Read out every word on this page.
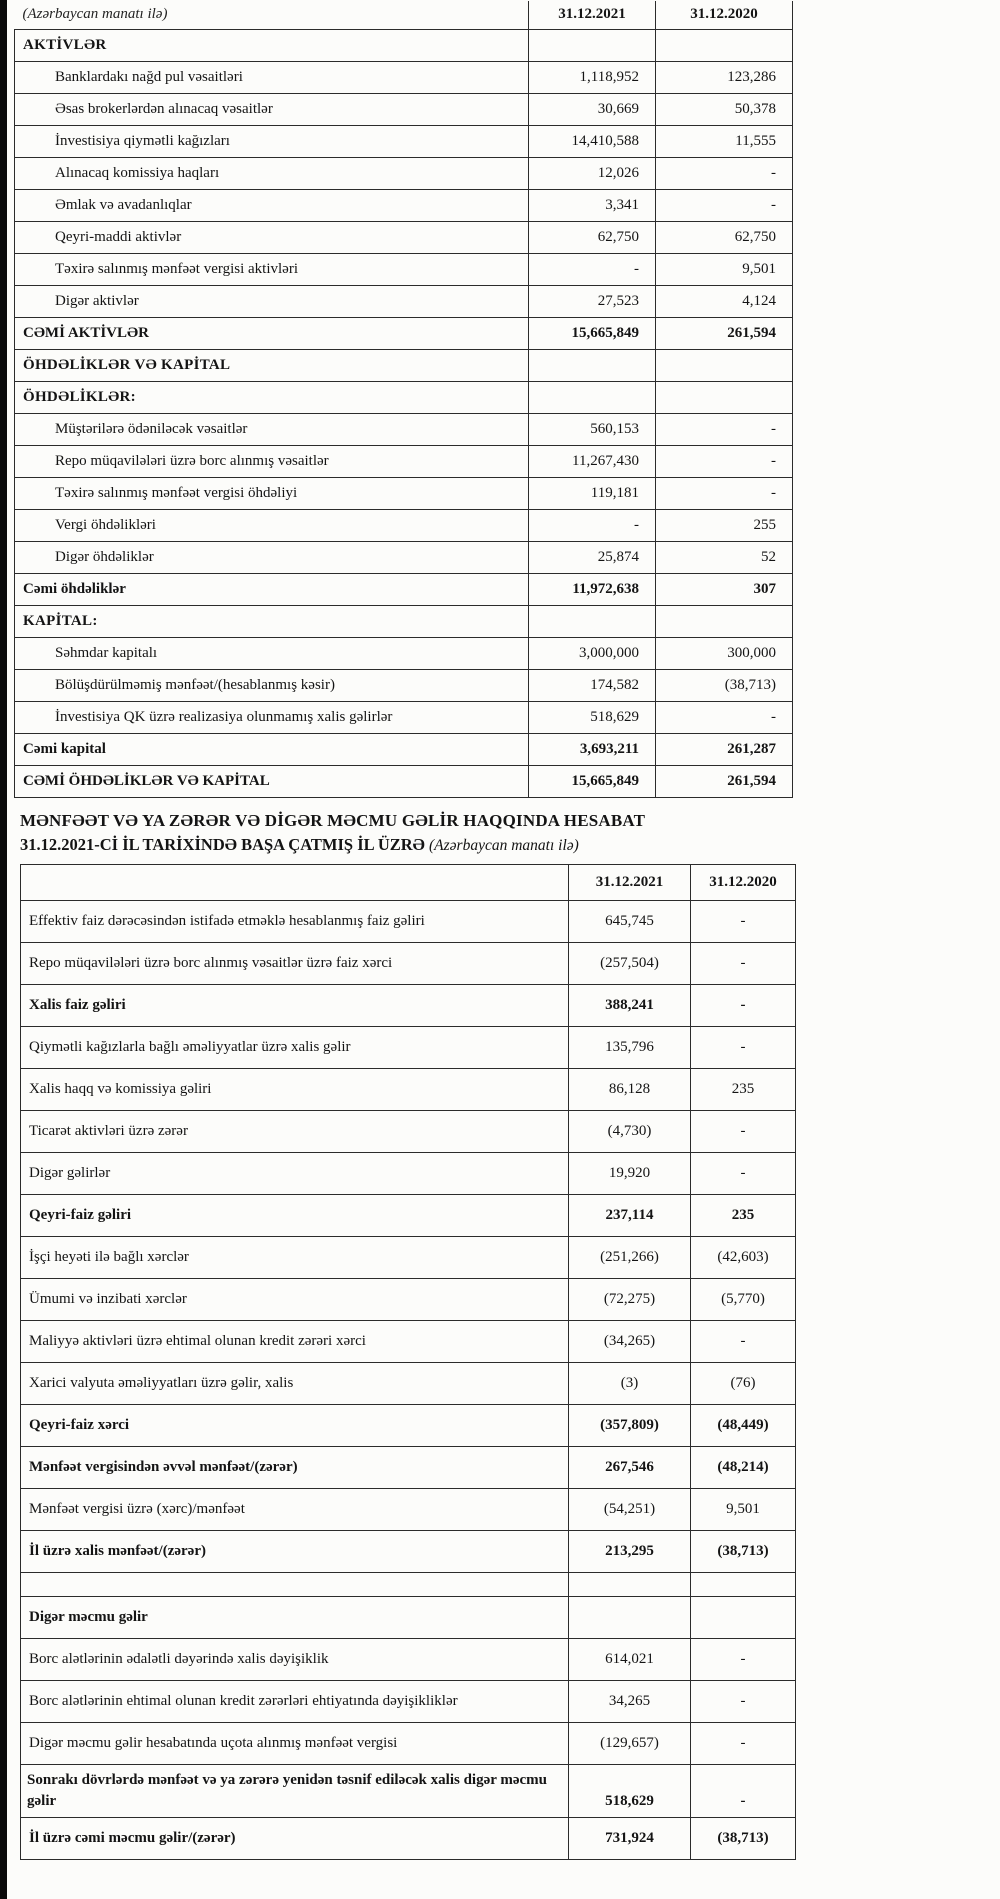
(Azərbaycan manatı ilə)	31.12.2021	31.12.2020
AKTİVLƏR		
Banklardakı nağd pul vəsaitləri	1,118,952	123,286
Əsas brokerlərdən alınacaq vəsaitlər	30,669	50,378
İnvestisiya qiymətli kağızları	14,410,588	11,555
Alınacaq komissiya haqları	12,026	-
Əmlak və avadanlıqlar	3,341	-
Qeyri-maddi aktivlər	62,750	62,750
Təxirə salınmış mənfəət vergisi aktivləri	-	9,501
Digər aktivlər	27,523	4,124
CƏMİ AKTİVLƏR	15,665,849	261,594
ÖHDƏLİKLƏR VƏ KAPİTAL		
ÖHDƏLİKLƏR:		
Müştərilərə ödəniləcək vəsaitlər	560,153	-
Repo müqavilələri üzrə borc alınmış vəsaitlər	11,267,430	-
Təxirə salınmış mənfəət vergisi öhdəliyi	119,181	-
Vergi öhdəlikləri	-	255
Digər öhdəliklər	25,874	52
Cəmi öhdəliklər	11,972,638	307
KAPİTAL:		
Səhmdar kapitalı	3,000,000	300,000
Bölüşdürülməmiş mənfəət/(hesablanmış kəsir)	174,582	(38,713)
İnvestisiya QK üzrə realizasiya olunmamış xalis gəlirlər	518,629	-
Cəmi kapital	3,693,211	261,287
CƏMİ ÖHDƏLİKLƏR VƏ KAPİTAL	15,665,849	261,594
MƏNFƏƏT VƏ YA ZƏRƏR VƏ DİGƏR MƏCMU GƏLİR HAQQINDA HESABAT
31.12.2021-Cİ İL TARİXİNDƏ BAŞA ÇATMIŞ İL ÜZRƏ (Azərbaycan manatı ilə)
	31.12.2021	31.12.2020
Effektiv faiz dərəcəsindən istifadə etməklə hesablanmış faiz gəliri	645,745	-
Repo müqavilələri üzrə borc alınmış vəsaitlər üzrə faiz xərci	(257,504)	-
Xalis faiz gəliri	388,241	-
Qiymətli kağızlarla bağlı əməliyyatlar üzrə xalis gəlir	135,796	-
Xalis haqq və komissiya gəliri	86,128	235
Ticarət aktivləri üzrə zərər	(4,730)	-
Digər gəlirlər	19,920	-
Qeyri-faiz gəliri	237,114	235
İşçi heyəti ilə bağlı xərclər	(251,266)	(42,603)
Ümumi və inzibati xərclər	(72,275)	(5,770)
Maliyyə aktivləri üzrə ehtimal olunan kredit zərəri xərci	(34,265)	-
Xarici valyuta əməliyyatları üzrə gəlir, xalis	(3)	(76)
Qeyri-faiz xərci	(357,809)	(48,449)
Mənfəət vergisindən əvvəl mənfəət/(zərər)	267,546	(48,214)
Mənfəət vergisi üzrə (xərc)/mənfəət	(54,251)	9,501
İl üzrə xalis mənfəət/(zərər)	213,295	(38,713)

Digər məcmu gəlir		
Borc alətlərinin ədalətli dəyərində xalis dəyişiklik	614,021	-
Borc alətlərinin ehtimal olunan kredit zərərləri ehtiyatında dəyişikliklər	34,265	-
Digər məcmu gəlir hesabatında uçota alınmış mənfəət vergisi	(129,657)	-
Sonrakı dövrlərdə mənfəət və ya zərərə yenidən təsnif ediləcək xalis digər məcmu gəlir	518,629	-
İl üzrə cəmi məcmu gəlir/(zərər)	731,924	(38,713)
